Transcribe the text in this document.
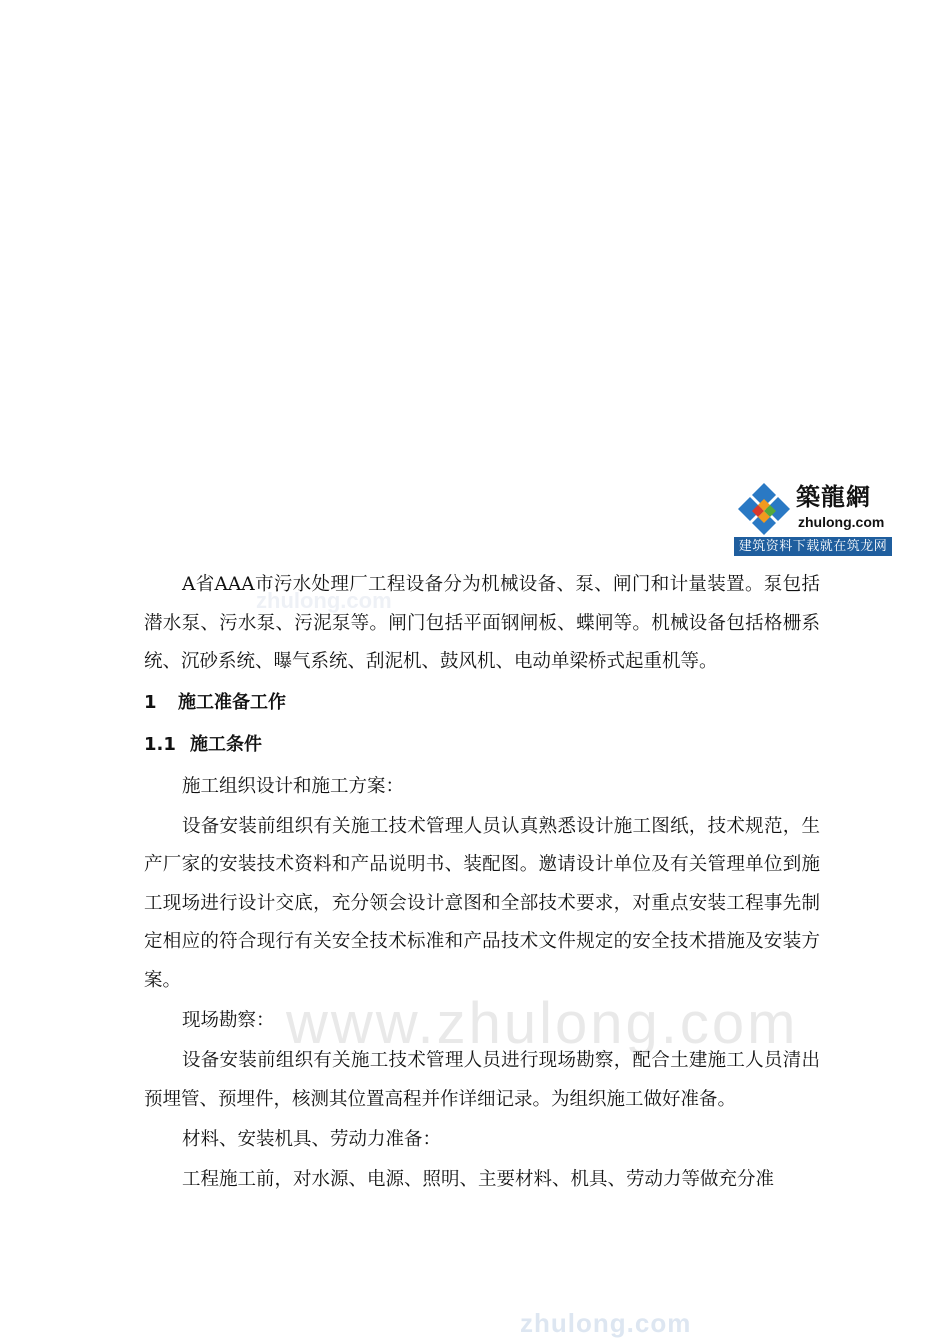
zhulong.com
www.zhulong.com
zhulong.com
築龍網
zhulong.com
建筑资料下载就在筑龙网

A省AAA市污水处理厂工程设备分为机械设备、泵、闸门和计量装置。泵包括潜水泵、污水泵、污泥泵等。闸门包括平面钢闸板、蝶闸等。机械设备包括格栅系统、沉砂系统、曝气系统、刮泥机、鼓风机、电动单梁桥式起重机等。

1	施工准备工作
1.1 施工条件

施工组织设计和施工方案：

设备安装前组织有关施工技术管理人员认真熟悉设计施工图纸，技术规范，生产厂家的安装技术资料和产品说明书、装配图。邀请设计单位及有关管理单位到施工现场进行设计交底，充分领会设计意图和全部技术要求，对重点安装工程事先制定相应的符合现行有关安全技术标准和产品技术文件规定的安全技术措施及安装方案。

现场勘察：

设备安装前组织有关施工技术管理人员进行现场勘察，配合土建施工人员清出预埋管、预埋件，核测其位置高程并作详细记录。为组织施工做好准备。

材料、安装机具、劳动力准备：

工程施工前，对水源、电源、照明、主要材料、机具、劳动力等做充分准
